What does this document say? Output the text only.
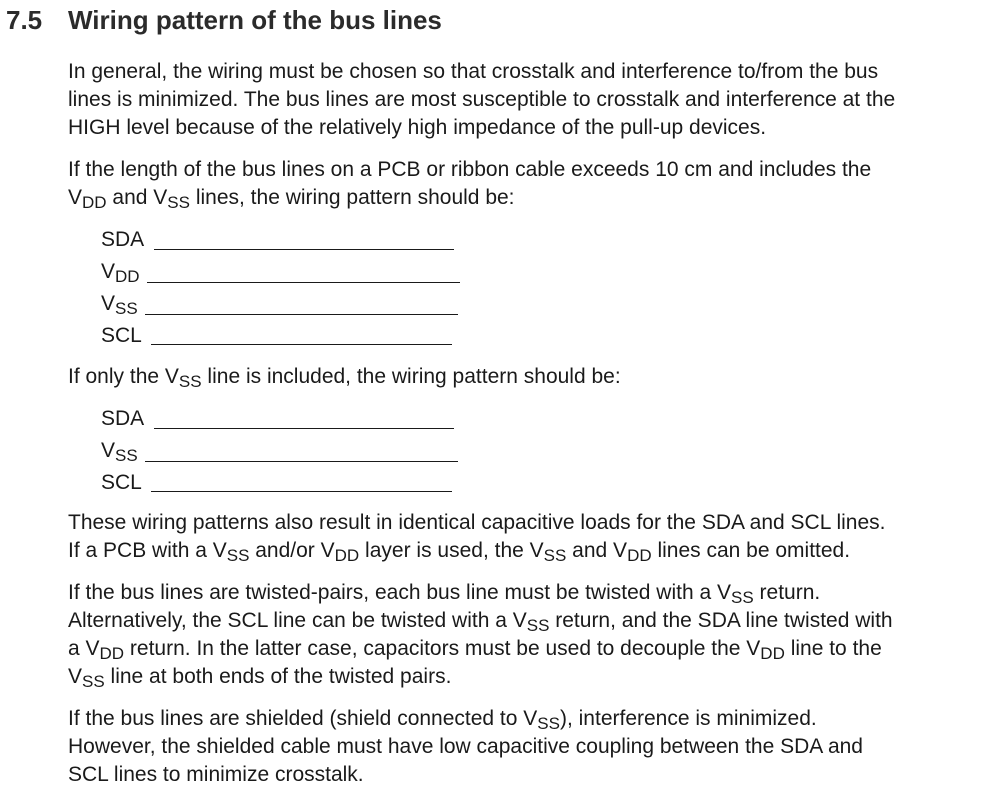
7.5 Wiring pattern of the bus lines

In general, the wiring must be chosen so that crosstalk and interference to/from the bus
lines is minimized. The bus lines are most susceptible to crosstalk and interference at the
HIGH level because of the relatively high impedance of the pull-up devices.

If the length of the bus lines on a PCB or ribbon cable exceeds 10 cm and includes the
VDD and VSS lines, the wiring pattern should be:

SDA
VDD
VSS
SCL

If only the VSS line is included, the wiring pattern should be:

SDA
VSS
SCL

These wiring patterns also result in identical capacitive loads for the SDA and SCL lines.
If a PCB with a VSS and/or VDD layer is used, the VSS and VDD lines can be omitted.

If the bus lines are twisted-pairs, each bus line must be twisted with a VSS return.
Alternatively, the SCL line can be twisted with a VSS return, and the SDA line twisted with
a VDD return. In the latter case, capacitors must be used to decouple the VDD line to the
VSS line at both ends of the twisted pairs.

If the bus lines are shielded (shield connected to VSS), interference is minimized.
However, the shielded cable must have low capacitive coupling between the SDA and
SCL lines to minimize crosstalk.
